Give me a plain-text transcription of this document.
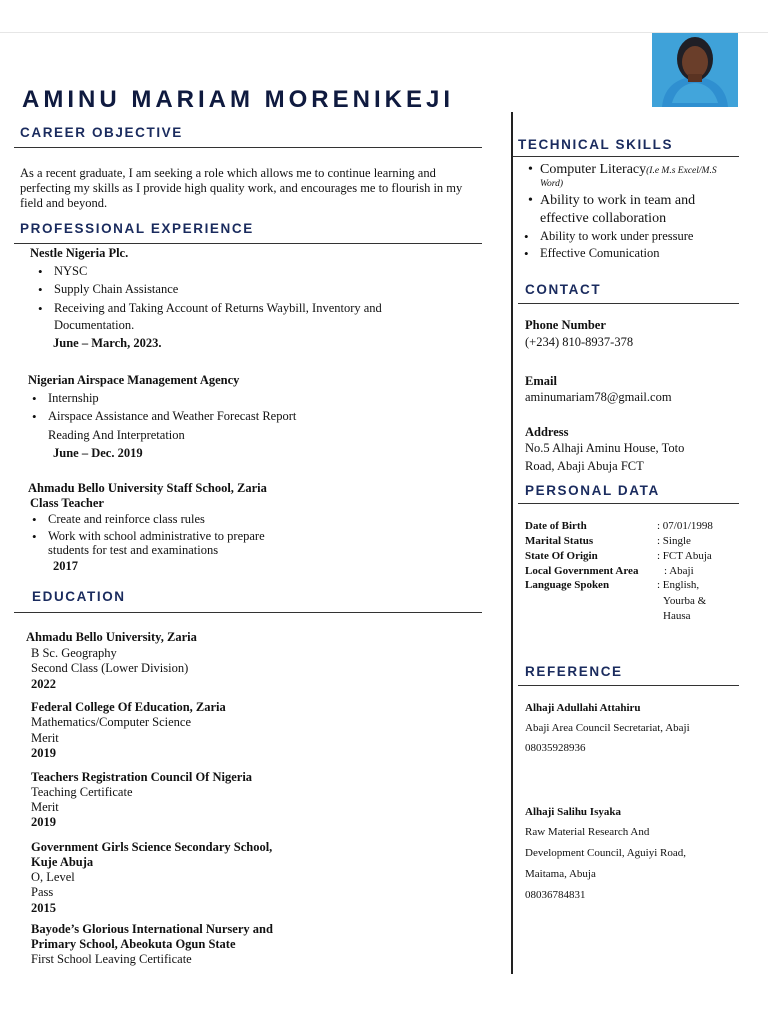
AMINU MARIAM MORENIKEJI
CAREER OBJECTIVE
As a recent graduate, I am seeking a role which allows me to continue learning and perfecting my skills as I provide high quality work, and encourages me to flourish in my field and beyond.
PROFESSIONAL EXPERIENCE
Nestle Nigeria Plc.
• NYSC
• Supply Chain Assistance
• Receiving and Taking Account of Returns Waybill, Inventory and
Documentation.
June – March, 2023.
Nigerian Airspace Management Agency
• Internship
• Airspace Assistance and Weather Forecast Report
Reading And Interpretation
June – Dec. 2019
Ahmadu Bello University Staff School, Zaria
Class Teacher
• Create and reinforce class rules
• Work with school administrative to prepare
students for test and examinations
2017
EDUCATION
Ahmadu Bello University, Zaria
B Sc. Geography
Second Class (Lower Division)
2022
Federal College Of Education, Zaria
Mathematics/Computer Science
Merit
2019
Teachers Registration Council Of Nigeria
Teaching Certificate
Merit
2019
Government Girls Science Secondary School,
Kuje Abuja
O, Level
Pass
2015
Bayode’s Glorious International Nursery and
Primary School, Abeokuta Ogun State
First School Leaving Certificate
TECHNICAL SKILLS
• Computer Literacy(I.e M.s Excel/M.S
Word)
• Ability to work in team and
effective collaboration
• Ability to work under pressure
• Effective Comunication
CONTACT
Phone Number
(+234) 810-8937-378
Email
aminumariam78@gmail.com
Address
No.5 Alhaji Aminu House, Toto
Road, Abaji Abuja FCT
PERSONAL DATA
Date of Birth	: 07/01/1998
Marital Status	: Single
State Of Origin	: FCT Abuja
Local Government Area : Abaji
Language Spoken	: English,
Yourba &
Hausa
REFERENCE
Alhaji Adullahi Attahiru
Abaji Area Council Secretariat, Abaji
08035928936
Alhaji Salihu Isyaka
Raw Material Research And
Development Council, Aguiyi Road,
Maitama, Abuja
08036784831
